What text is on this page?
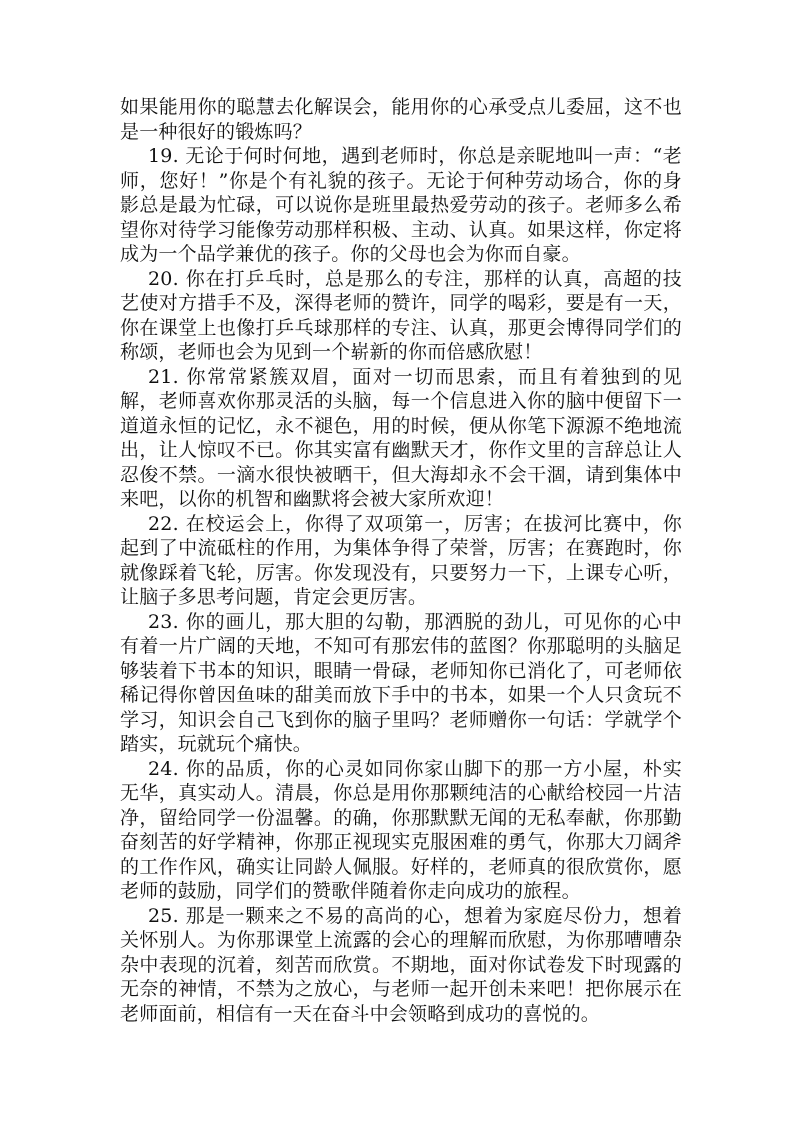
如果能用你的聪慧去化解误会，能用你的心承受点儿委屈，这不也是一种很好的锻炼吗？

19. 无论于何时何地，遇到老师时，你总是亲昵地叫一声：“老师，您好！”你是个有礼貌的孩子。无论于何种劳动场合，你的身影总是最为忙碌，可以说你是班里最热爱劳动的孩子。老师多么希望你对待学习能像劳动那样积极、主动、认真。如果这样，你定将成为一个品学兼优的孩子。你的父母也会为你而自豪。

20. 你在打乒乓时，总是那么的专注，那样的认真，高超的技艺使对方措手不及，深得老师的赞许，同学的喝彩，要是有一天，你在课堂上也像打乒乓球那样的专注、认真，那更会博得同学们的称颂，老师也会为见到一个崭新的你而倍感欣慰！

21. 你常常紧簇双眉，面对一切而思索，而且有着独到的见解，老师喜欢你那灵活的头脑，每一个信息进入你的脑中便留下一道道永恒的记忆，永不褪色，用的时候，便从你笔下源源不绝地流出，让人惊叹不已。你其实富有幽默天才，你作文里的言辞总让人忍俊不禁。一滴水很快被晒干，但大海却永不会干涸，请到集体中来吧，以你的机智和幽默将会被大家所欢迎！

22. 在校运会上，你得了双项第一，厉害；在拔河比赛中，你起到了中流砥柱的作用，为集体争得了荣誉，厉害；在赛跑时，你就像踩着飞轮，厉害。你发现没有，只要努力一下，上课专心听，让脑子多思考问题，肯定会更厉害。

23. 你的画儿，那大胆的勾勒，那洒脱的劲儿，可见你的心中有着一片广阔的天地，不知可有那宏伟的蓝图？你那聪明的头脑足够装着下书本的知识，眼睛一骨碌，老师知你已消化了，可老师依稀记得你曾因鱼味的甜美而放下手中的书本，如果一个人只贪玩不学习，知识会自己飞到你的脑子里吗？老师赠你一句话：学就学个踏实，玩就玩个痛快。

24. 你的品质，你的心灵如同你家山脚下的那一方小屋，朴实无华，真实动人。清晨，你总是用你那颗纯洁的心献给校园一片洁净，留给同学一份温馨。的确，你那默默无闻的无私奉献，你那勤奋刻苦的好学精神，你那正视现实克服困难的勇气，你那大刀阔斧的工作作风，确实让同龄人佩服。好样的，老师真的很欣赏你，愿老师的鼓励，同学们的赞歌伴随着你走向成功的旅程。

25. 那是一颗来之不易的高尚的心，想着为家庭尽份力，想着关怀别人。为你那课堂上流露的会心的理解而欣慰，为你那嘈嘈杂杂中表现的沉着，刻苦而欣赏。不期地，面对你试卷发下时现露的无奈的神情，不禁为之放心，与老师一起开创未来吧！把你展示在老师面前，相信有一天在奋斗中会领略到成功的喜悦的。
